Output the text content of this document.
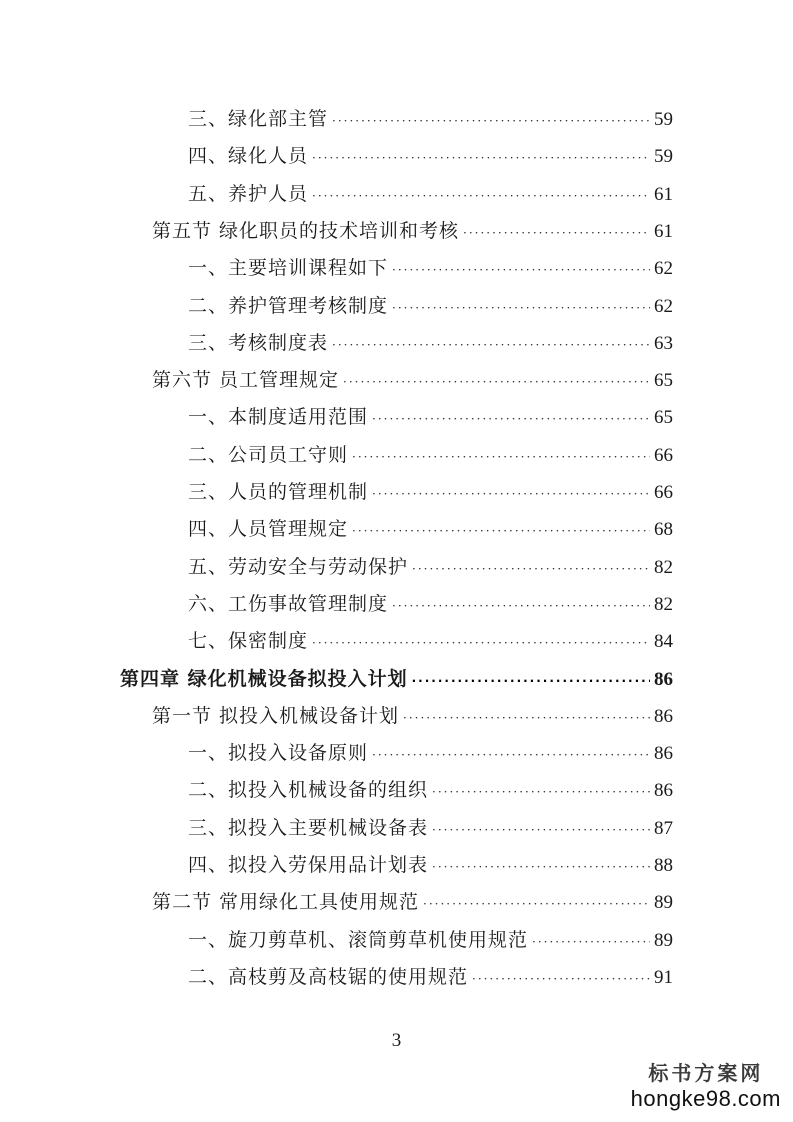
三、绿化部主管 ·····	59
四、绿化人员 ·····	59
五、养护人员 ·····	61
第五节 绿化职员的技术培训和考核 ·····	61
一、主要培训课程如下 ·····	62
二、养护管理考核制度 ·····	62
三、考核制度表 ·····	63
第六节 员工管理规定 ·····	65
一、本制度适用范围 ·····	65
二、公司员工守则 ·····	66
三、人员的管理机制 ·····	66
四、人员管理规定 ·····	68
五、劳动安全与劳动保护 ·····	82
六、工伤事故管理制度 ·····	82
七、保密制度 ·····	84
第四章 绿化机械设备拟投入计划 ·····	86
第一节 拟投入机械设备计划 ·····	86
一、拟投入设备原则 ·····	86
二、拟投入机械设备的组织 ·····	86
三、拟投入主要机械设备表 ·····	87
四、拟投入劳保用品计划表 ·····	88
第二节 常用绿化工具使用规范 ·····	89
一、旋刀剪草机、滚筒剪草机使用规范 ·····	89
二、高枝剪及高枝锯的使用规范 ·····	91
3
标书方案网
hongke98.com
